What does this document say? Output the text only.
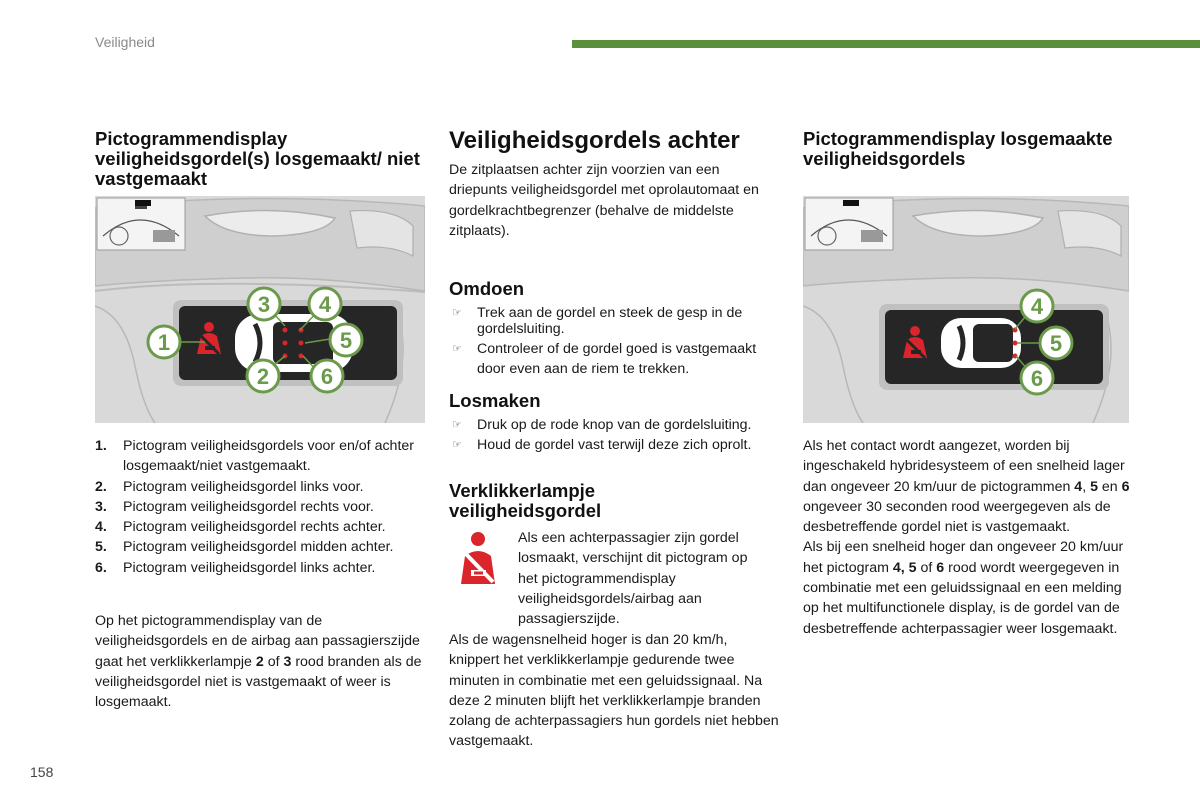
Veiligheid
Pictogrammendisplay veiligheidsgordel(s) losgemaakt/ niet vastgemaakt
1
3 4
5
2 6
1. Pictogram veiligheidsgordels voor en/of achter losgemaakt/niet vastgemaakt.
2. Pictogram veiligheidsgordel links voor.
3. Pictogram veiligheidsgordel rechts voor.
4. Pictogram veiligheidsgordel rechts achter.
5. Pictogram veiligheidsgordel midden achter.
6. Pictogram veiligheidsgordel links achter.

Op het pictogrammendisplay van de veiligheidsgordels en de airbag aan passagierszijde gaat het verklikkerlampje 2 of 3 rood branden als de veiligheidsgordel niet is vastgemaakt of weer is losgemaakt.

Veiligheidsgordels achter

De zitplaatsen achter zijn voorzien van een driepunts veiligheidsgordel met oprolautomaat en gordelkrachtbegrenzer (behalve de middelste zitplaats).

Omdoen
☞ Trek aan de gordel en steek de gesp in de gordelsluiting.
☞ Controleer of de gordel goed is vastgemaakt door even aan de riem te trekken.
Losmaken
☞ Druk op de rode knop van de gordelsluiting.
☞ Houd de gordel vast terwijl deze zich oprolt.
Verklikkerlampje veiligheidsgordel

Als een achterpassagier zijn gordel losmaakt, verschijnt dit pictogram op het pictogrammendisplay veiligheidsgordels/airbag aan passagierszijde.

Als de wagensnelheid hoger is dan 20 km/h, knippert het verklikkerlampje gedurende twee minuten in combinatie met een geluidssignaal. Na deze 2 minuten blijft het verklikkerlampje branden zolang de achterpassagiers hun gordels niet hebben vastgemaakt.

Pictogrammendisplay losgemaakte veiligheidsgordels
4
5
6

Als het contact wordt aangezet, worden bij ingeschakeld hybridesysteem of een snelheid lager dan ongeveer 20 km/uur de pictogrammen 4, 5 en 6 ongeveer 30 seconden rood weergegeven als de desbetreffende gordel niet is vastgemaakt.
Als bij een snelheid hoger dan ongeveer 20 km/uur het pictogram 4, 5 of 6 rood wordt weergegeven in combinatie met een geluidssignaal en een melding op het multifunctionele display, is de gordel van de desbetreffende achterpassagier weer losgemaakt.

158
